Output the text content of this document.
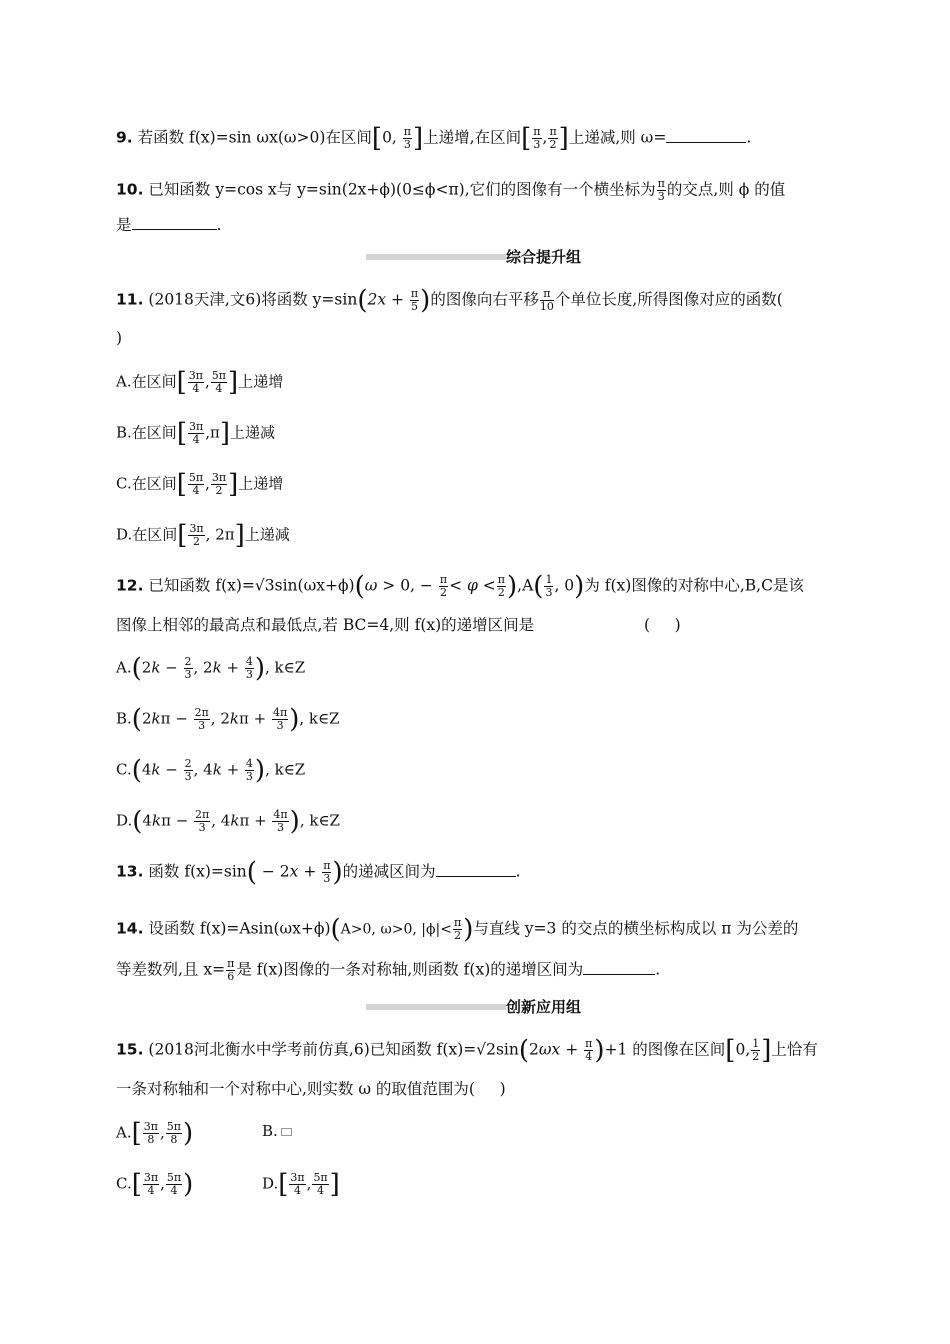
9. 若函数 f(x)=sin ωx(ω>0)在区间[0, $\frac{\pi}{3}$ ]上递增,在区间[ $\frac{\pi}{3}$ , $\frac{\pi}{2}$ ]上递减,则 ω=	.
10. 已知函数 y=cos x与 y=sin(2x+ϕ)(0≤ϕ<π),它们的图像有一个横坐标为 $\frac{\pi}{3}$ 的交点,则 ϕ 的值
是	.
综合提升组
11. (2018天津,文6)将函数 $y=\sin(2x + \frac{\pi}{5}$ )的图像向右平移 $\frac{\pi}{10}$ 个单位长度,所得图像对应的函数(
)
A.在区间[ $\frac{3\pi}{4}$ , $\frac{5\pi}{4}$ ]上递增
B.在区间[ $\frac{3\pi}{4} ,\pi$]上递减
C.在区间[ $\frac{5\pi}{4}$ , $\frac{3\pi}{2}$ ]上递增
D.在区间[ $\frac{3\pi}{2}$ , 2π]上递减
12. 已知函数 f(x)=√3sin(ωx+ϕ)(ω > 0, − $\frac{\pi}{2} < \varphi < \frac{\pi}{2} ),A( \frac{1}{3}$ , 0)为 f(x)图像的对称中心,B,C是该
图像上相邻的最高点和最低点,若 BC=4,则 f(x)的递增区间是	(     )
$A.(2k - \frac{2}{3}$ , $2k + \frac{4}{3}$ ), k∈Z
$B.(2k\pi - \frac{2\pi}{3}$ , $2k\pi + \frac{4\pi}{3}$ ), k∈Z
$C.(4k - \frac{2}{3}$ , $4k + \frac{4}{3}$ ), k∈Z
$D.(4k\pi - \frac{2\pi}{3}$ , $4k\pi + \frac{4\pi}{3}$ ), k∈Z
13. 函数 $f(x)=\sin( - 2x + \frac{\pi}{3}$ )的递减区间为	.
14. 设函数 f(x)=Asin(ωx+ϕ)(A>0, ω>0, $|\phi|< \frac{\pi}{2}$ )与直线 y=3 的交点的横坐标构成以 π 为公差的
等差数列,且 $x= \frac{\pi}{6}$ 是 f(x)图像的一条对称轴,则函数 f(x)的递增区间为	.
创新应用组
15. (2018河北衡水中学考前仿真,6)已知函数 $f(x)=√2\sin(2\omega x + \frac{\pi}{4} )+1$ 的图像在区间[0, $\frac{1}{2}$ ]上恰有
一条对称轴和一个对称中心,则实数 ω 的取值范围为(     )
$A.[ \frac{3\pi}{8}$ , $\frac{5\pi}{8}$ )	B.
$C.[ \frac{3\pi}{4}$ , $\frac{5\pi}{4}$ )	$D.[ \frac{3\pi}{4}$ , $\frac{5\pi}{4}$ ]
